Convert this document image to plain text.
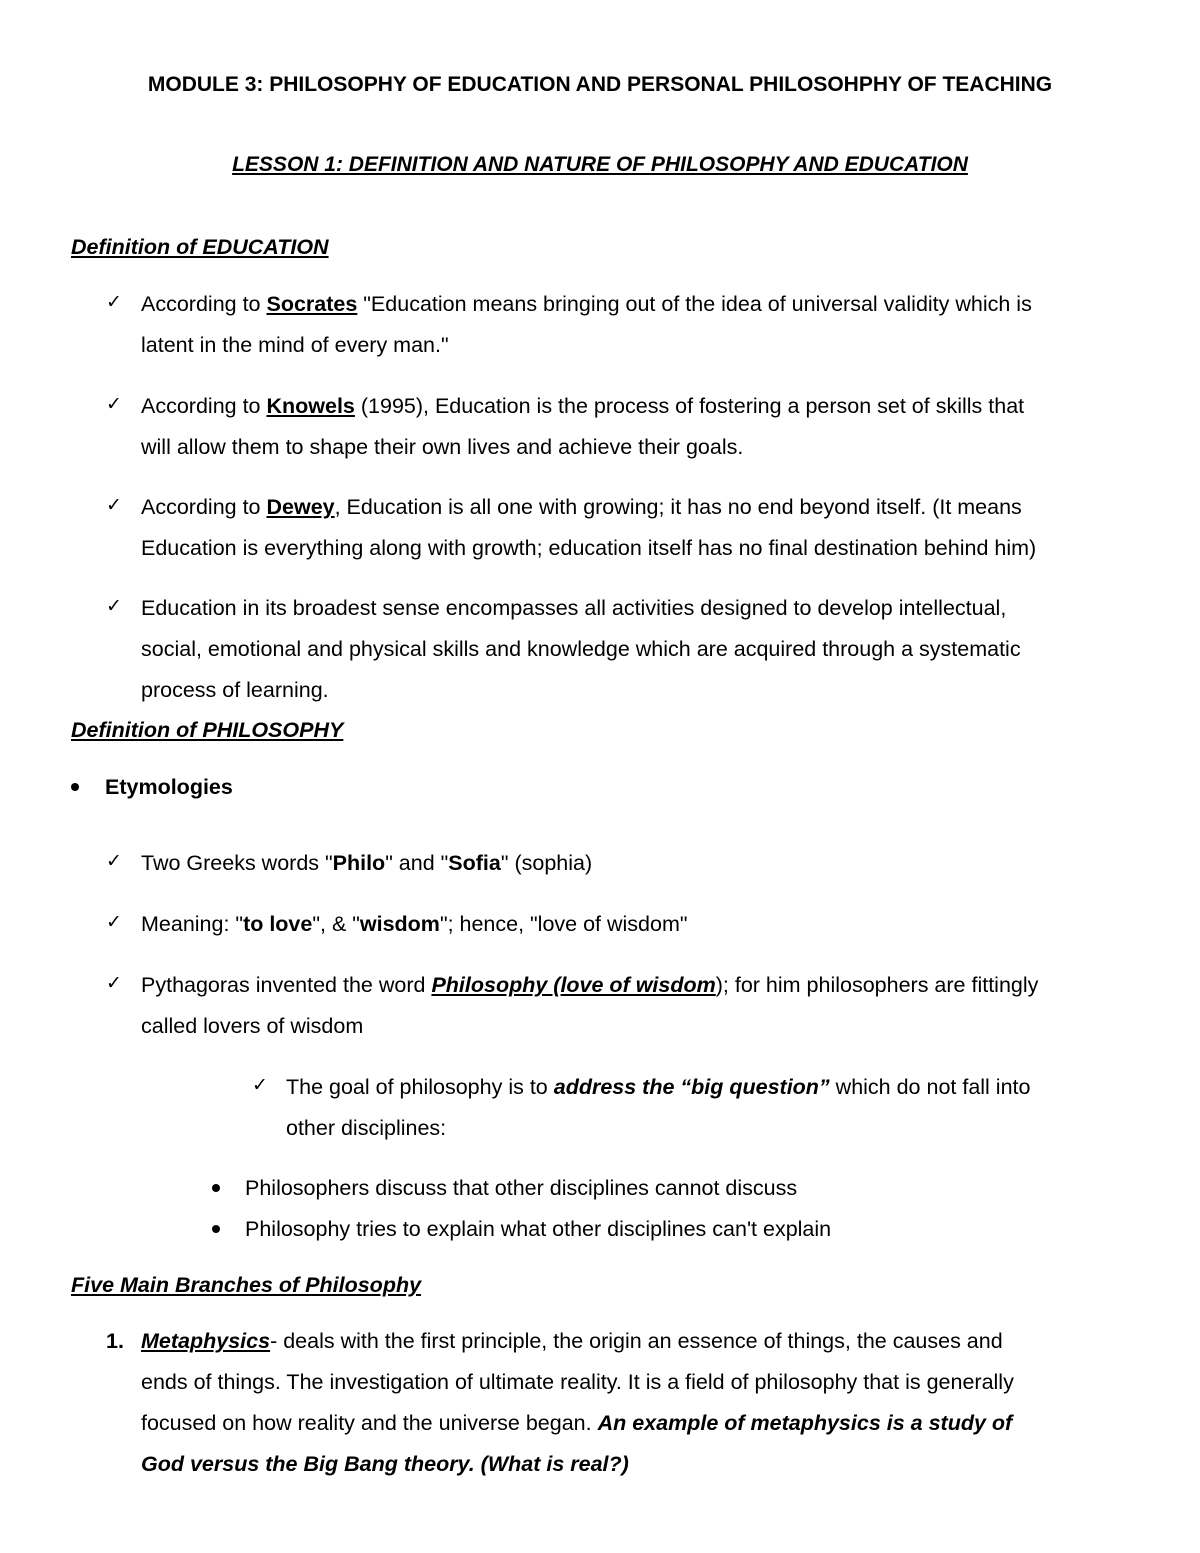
MODULE 3: PHILOSOPHY OF EDUCATION AND PERSONAL PHILOSOHPHY OF TEACHING
LESSON 1: DEFINITION AND NATURE OF PHILOSOPHY AND EDUCATION
Definition of EDUCATION
✓ According to Socrates "Education means bringing out of the idea of universal validity which is
latent in the mind of every man."
✓ According to Knowels (1995), Education is the process of fostering a person set of skills that
will allow them to shape their own lives and achieve their goals.
✓ According to Dewey, Education is all one with growing; it has no end beyond itself. (It means
Education is everything along with growth; education itself has no final destination behind him)
✓ Education in its broadest sense encompasses all activities designed to develop intellectual,
social, emotional and physical skills and knowledge which are acquired through a systematic
process of learning.
Definition of PHILOSOPHY
Etymologies
✓ Two Greeks words "Philo" and "Sofia" (sophia)
✓ Meaning: "to love", & "wisdom"; hence, "love of wisdom"
✓ Pythagoras invented the word Philosophy (love of wisdom); for him philosophers are fittingly
called lovers of wisdom
✓ The goal of philosophy is to address the “big question” which do not fall into
other disciplines:
Philosophers discuss that other disciplines cannot discuss
Philosophy tries to explain what other disciplines can't explain
Five Main Branches of Philosophy
1. Metaphysics- deals with the first principle, the origin an essence of things, the causes and
ends of things. The investigation of ultimate reality. It is a field of philosophy that is generally
focused on how reality and the universe began. An example of metaphysics is a study of
God versus the Big Bang theory. (What is real?)
